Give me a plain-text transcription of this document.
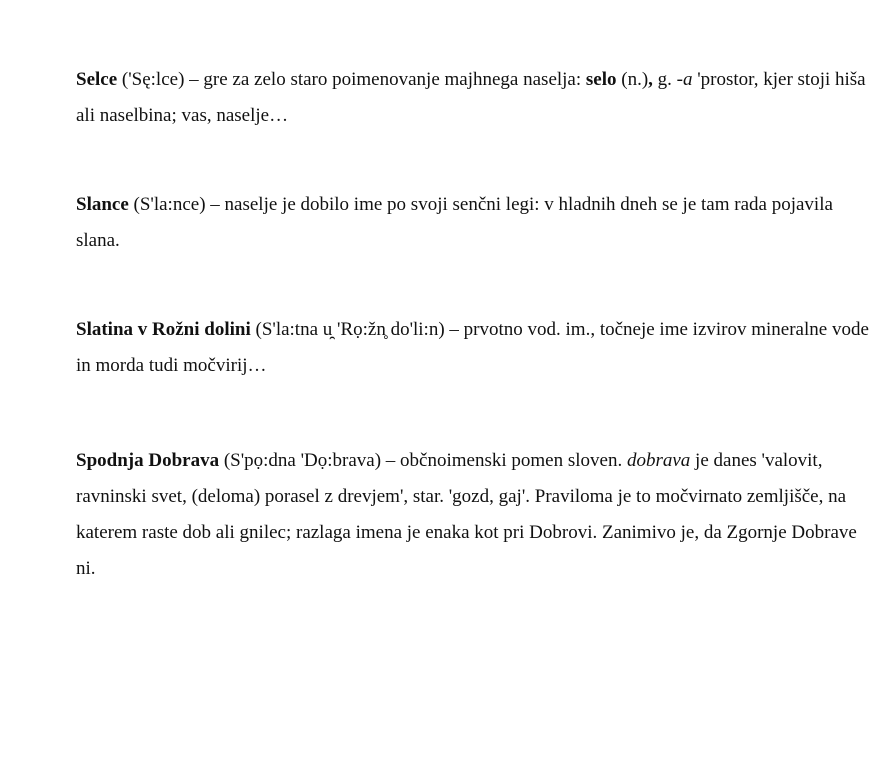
Selce ('Sę:lce) – gre za zelo staro poimenovanje majhnega naselja: selo (n.), g. -a 'prostor, kjer stoji hiša ali naselbina; vas, naselje…

Slance (S'la:nce) – naselje je dobilo ime po svoji senčni legi: v hladnih dneh se je tam rada pojavila slana.

Slatina v Rožni dolini (S'la:tna u̯ 'Rọ:žn̥ do'li:n) – prvotno vod. im., točneje ime izvirov mineralne vode in morda tudi močvirij…

Spodnja Dobrava (S'pọ:dna 'Dọ:brava) – občnoimenski pomen sloven. dobrava je danes 'valovit, ravninski svet, (deloma) porasel z drevjem', star. 'gozd, gaj'. Praviloma je to močvirnato zemljišče, na katerem raste dob ali gnilec; razlaga imena je enaka kot pri Dobrovi. Zanimivo je, da Zgornje Dobrave ni.
